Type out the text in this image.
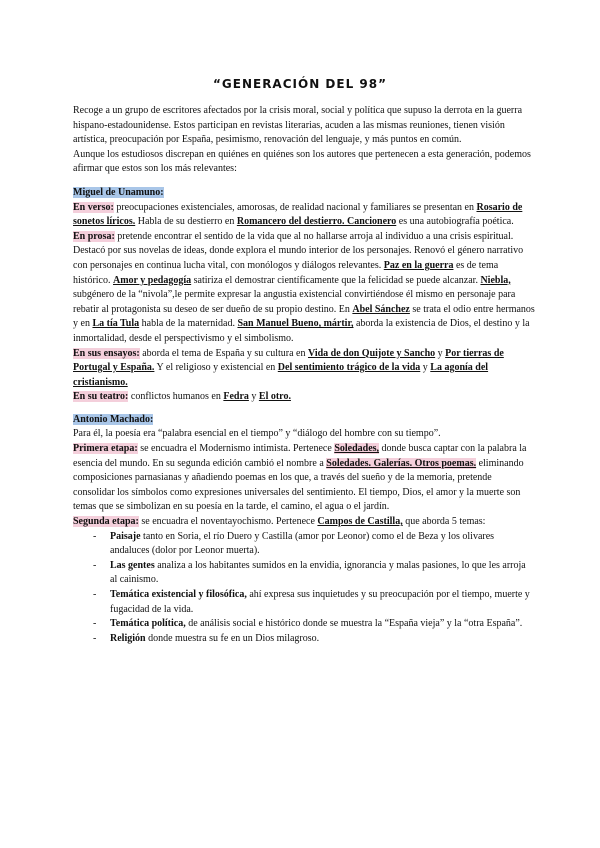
“GENERACIÓN DEL 98”

Recoge a un grupo de escritores afectados por la crisis moral, social y política que supuso la derrota en la guerra hispano-estadounidense. Estos participan en revistas literarias, acuden a las mismas reuniones, tienen visión artística, preocupación por España, pesimismo, renovación del lenguaje, y más puntos en común.

Aunque los estudiosos discrepan en quiénes en quiénes son los autores que pertenecen a esta generación, podemos afirmar que estos son los más relevantes:

Miguel de Unamuno:

En verso: preocupaciones existenciales, amorosas, de realidad nacional y familiares se presentan en Rosario de sonetos líricos. Habla de su destierro en Romancero del destierro. Cancionero es una autobiografía poética.

En prosa: pretende encontrar el sentido de la vida que al no hallarse arroja al individuo a una crisis espiritual. Destacó por sus novelas de ideas, donde explora el mundo interior de los personajes. Renovó el género narrativo con personajes en continua lucha vital, con monólogos y diálogos relevantes. Paz en la guerra es de tema histórico. Amor y pedagogía satiriza el demostrar científicamente que la felicidad se puede alcanzar. Niebla, subgénero de la “nivola”,le permite expresar la angustia existencial convirtiéndose él mismo en personaje para rebatir al protagonista su deseo de ser dueño de su propio destino. En Abel Sánchez se trata el odio entre hermanos y en La tía Tula habla de la maternidad. San Manuel Bueno, mártir, aborda la existencia de Dios, el destino y la inmortalidad, desde el perspectivismo y el simbolismo.

En sus ensayos: aborda el tema de España y su cultura en Vida de don Quijote y Sancho y Por tierras de Portugal y España. Y el religioso y existencial en Del sentimiento trágico de la vida y La agonía del cristianismo.

En su teatro: conflictos humanos en Fedra y El otro.

Antonio Machado:

Para él, la poesía era “palabra esencial en el tiempo” y “diálogo del hombre con su tiempo”.

Primera etapa: se encuadra el Modernismo intimista. Pertenece Soledades, donde busca captar con la palabra la esencia del mundo. En su segunda edición cambió el nombre a Soledades. Galerías. Otros poemas. eliminando composiciones parnasianas y añadiendo poemas en los que, a través del sueño y de la memoria, pretende consolidar los símbolos como expresiones universales del sentimiento. El tiempo, Dios, el amor y la muerte son temas que se simbolizan en su poesía en la tarde, el camino, el agua o el jardín.

Segunda etapa: se encuadra el noventayochismo. Pertenece Campos de Castilla, que aborda 5 temas:

- Paisaje tanto en Soria, el río Duero y Castilla (amor por Leonor) como el de Beza y los olivares andaluces (dolor por Leonor muerta).
- Las gentes analiza a los habitantes sumidos en la envidia, ignorancia y malas pasiones, lo que les arroja al cainismo.
- Temática existencial y filosófica, ahí expresa sus inquietudes y su preocupación por el tiempo, muerte y fugacidad de la vida.
- Temática política, de análisis social e histórico donde se muestra la “España vieja” y la “otra España”.
- Religión donde muestra su fe en un Dios milagroso.
